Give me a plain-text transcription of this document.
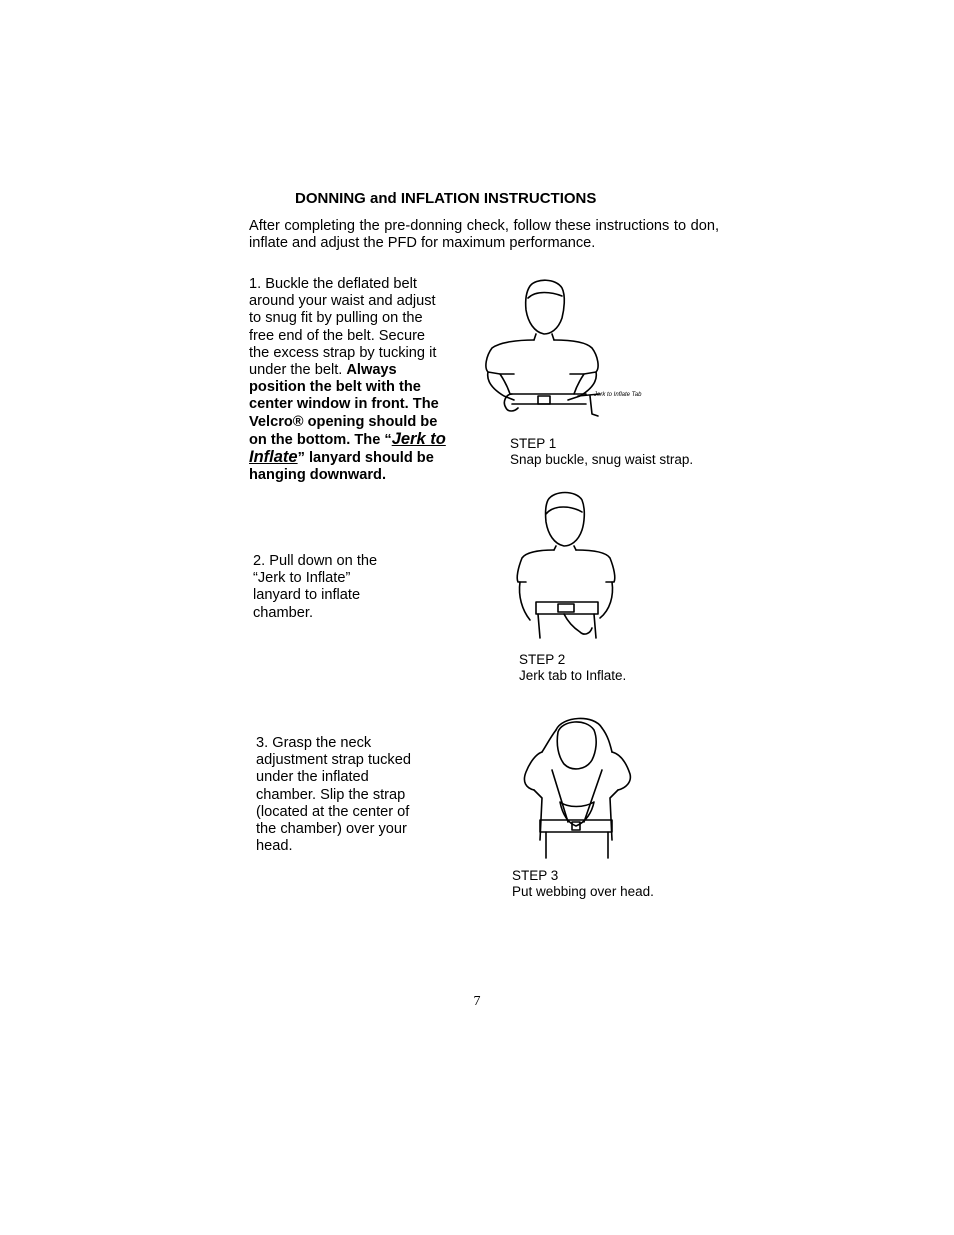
DONNING and INFLATION INSTRUCTIONS
After completing the pre-donning check, follow these instructions to don, inflate and adjust the PFD for maximum performance.
1. Buckle the deflated belt around your waist and adjust to snug fit by pulling on the free end of the belt. Secure the excess strap by tucking it under the belt. Always position the belt with the center window in front. The Velcro® opening should be on the bottom. The “Jerk to Inflate” lanyard should be hanging downward.
Jerk to Inflate Tab
STEP 1
Snap buckle, snug waist strap.
2. Pull down on the “Jerk to Inflate” lanyard to inflate chamber.
STEP 2
Jerk tab to Inflate.
3. Grasp the neck adjustment strap tucked under the inflated chamber. Slip the strap (located at the center of the chamber) over your head.
STEP 3
Put webbing over head.
7
